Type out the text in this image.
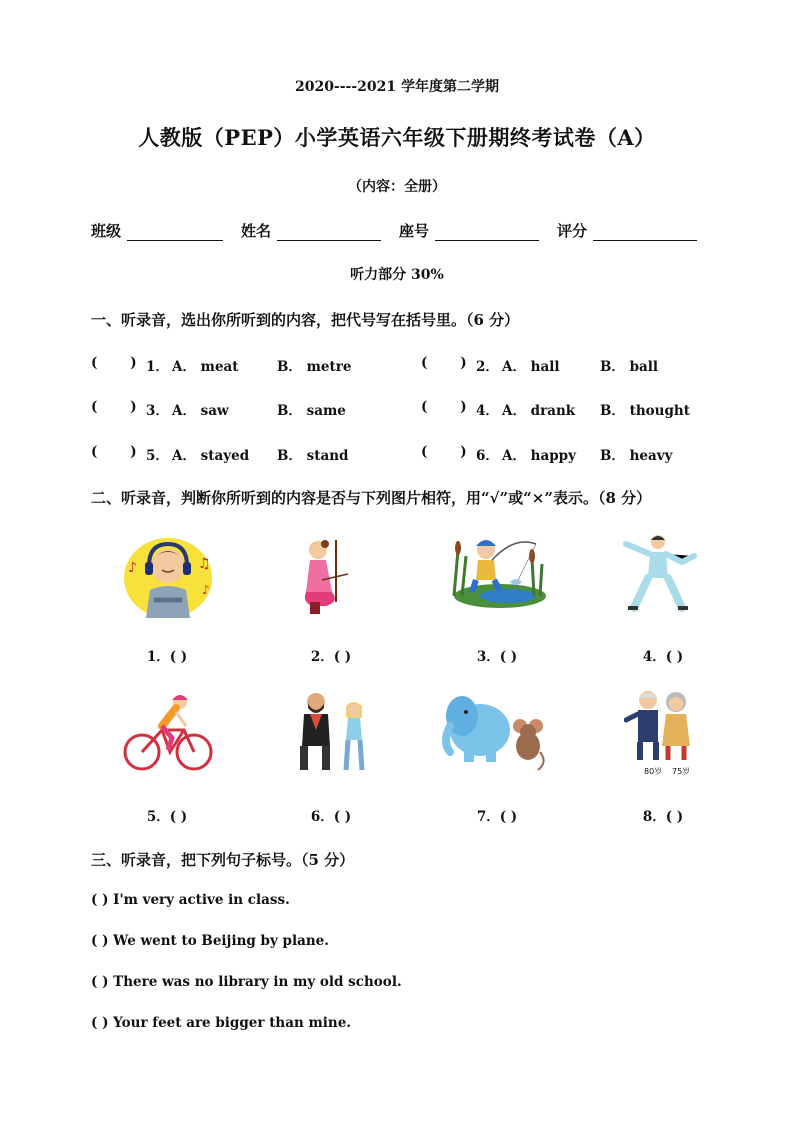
2020----2021 学年度第二学期
人教版（PEP）小学英语六年级下册期终考试卷（A）
（内容：全册）
班级	姓名	座号	评分
听力部分 30%
一、听录音，选出你所听到的内容，把代号写在括号里。（6 分）
(       ) 1． A． meat	B． metre	(       ) 2． A． hall	B． ball
(       ) 3． A． saw	B． same	(       ) 4． A． drank B． thought
(       ) 5． A． stayed B． stand	(       ) 6． A． happy B． heavy
二、听录音，判断你所听到的内容是否与下列图片相符，用“√”或“×”表示。（8 分）
♪	♫
♪
1．( )	2．( )	3．( )	4．( )
80岁 75岁
5．( )	6．( )	7．( )	8．( )
三、听录音，把下列句子标号。（5 分）
( ) I'm very active in class.
( ) We went to Beijing by plane.
( ) There was no library in my old school.
( ) Your feet are bigger than mine.
